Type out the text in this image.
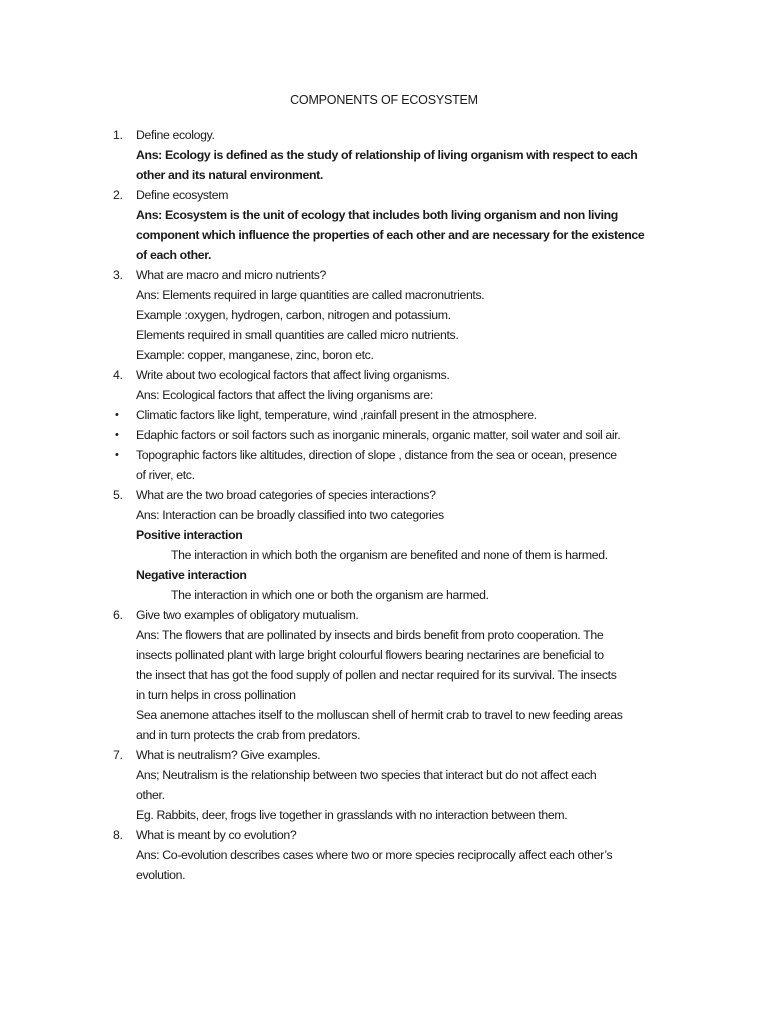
COMPONENTS OF ECOSYSTEM
1. Define ecology.
Ans: Ecology is defined as the study of relationship of living organism with respect to each
other and its natural environment.
2. Define ecosystem
Ans: Ecosystem is the unit of ecology that includes both living organism and non living
component which influence the properties of each other and are necessary for the existence
of each other.
3. What are macro and micro nutrients?
Ans: Elements required in large quantities are called macronutrients.
Example :oxygen, hydrogen, carbon, nitrogen and potassium.
Elements required in small quantities are called micro nutrients.
Example: copper, manganese, zinc, boron etc.
4. Write about two ecological factors that affect living organisms.
Ans: Ecological factors that affect the living organisms are:
• Climatic factors like light, temperature, wind ,rainfall present in the atmosphere.
• Edaphic factors or soil factors such as inorganic minerals, organic matter, soil water and soil air.
• Topographic factors like altitudes, direction of slope , distance from the sea or ocean, presence
of river, etc.
5. What are the two broad categories of species interactions?
Ans: Interaction can be broadly classified into two categories
Positive interaction
The interaction in which both the organism are benefited and none of them is harmed.
Negative interaction
The interaction in which one or both the organism are harmed.
6. Give two examples of obligatory mutualism.
Ans: The flowers that are pollinated by insects and birds benefit from proto cooperation. The
insects pollinated plant with large bright colourful flowers bearing nectarines are beneficial to
the insect that has got the food supply of pollen and nectar required for its survival. The insects
in turn helps in cross pollination
Sea anemone attaches itself to the molluscan shell of hermit crab to travel to new feeding areas
and in turn protects the crab from predators.
7. What is neutralism? Give examples.
Ans; Neutralism is the relationship between two species that interact but do not affect each
other.
Eg. Rabbits, deer, frogs live together in grasslands with no interaction between them.
8. What is meant by co evolution?
Ans: Co-evolution describes cases where two or more species reciprocally affect each other’s
evolution.
